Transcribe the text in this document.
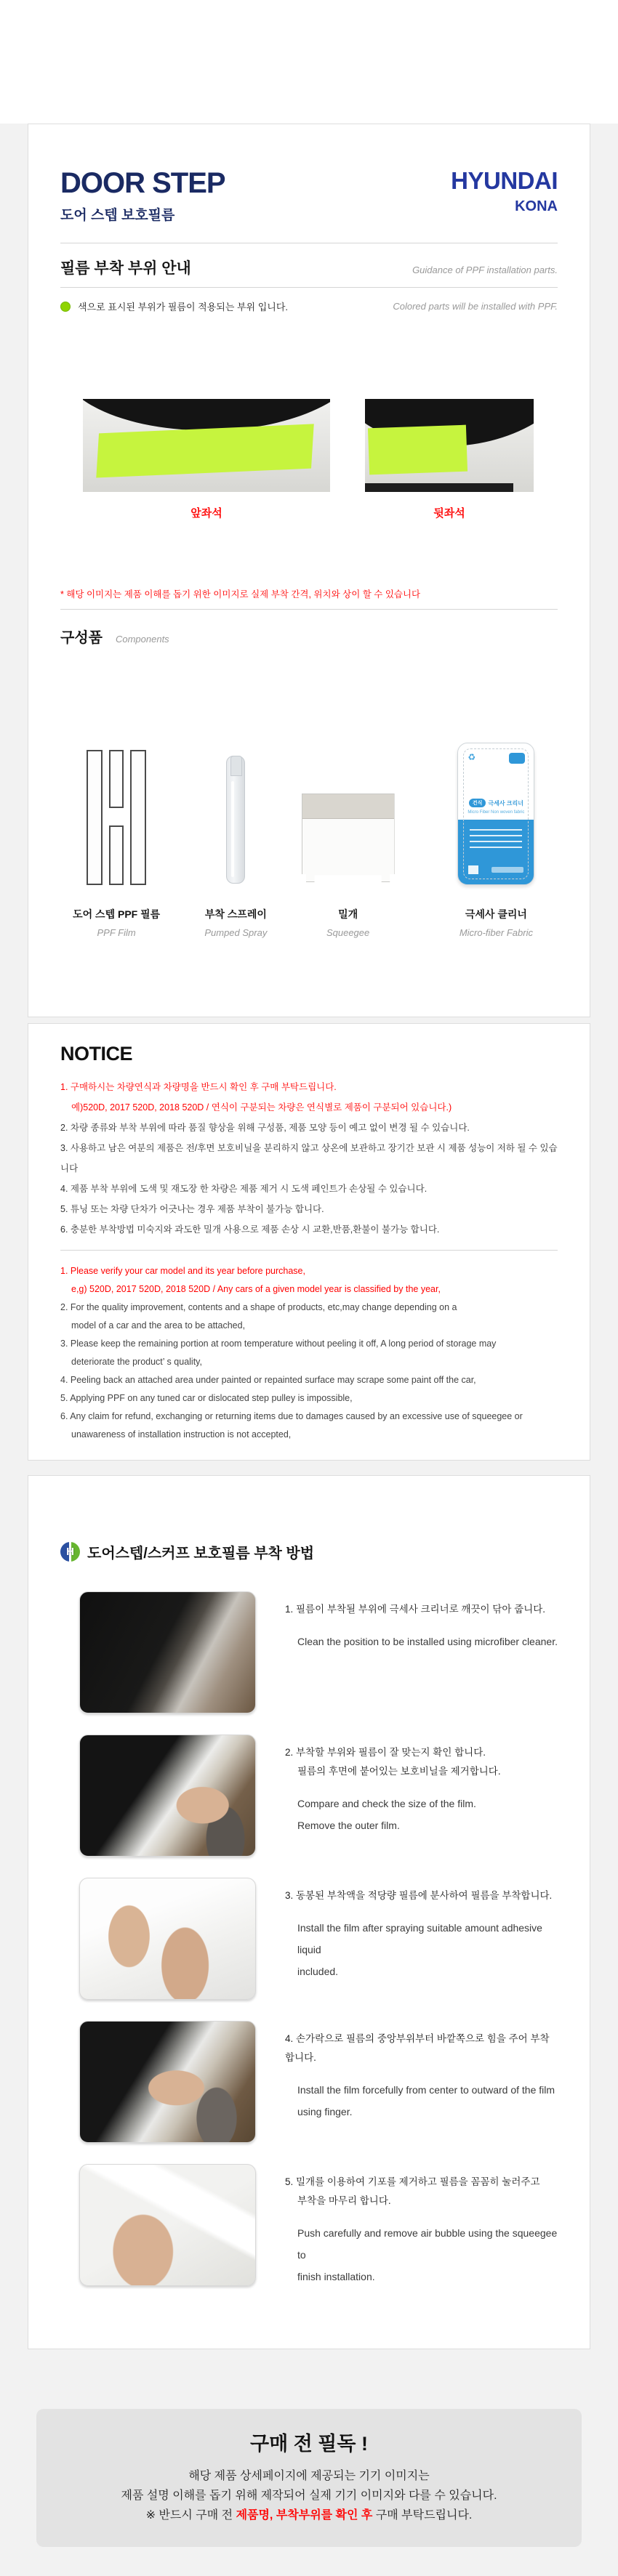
DOOR STEP
도어 스텝 보호필름
HYUNDAI
KONA
필름 부착 부위 안내	Guidance of PPF installation parts.
색으로 표시된 부위가 필름이 적용되는 부위 입니다.	Colored parts will be installed with PPF.
앞좌석	뒷좌석
* 해당 이미지는 제품 이해를 돕기 위한 이미지로 실제 부착 간격, 위치와 상이 할 수 있습니다
구성품 Components
도어 스텝 PPF 필름
PPF Film
부착 스프레이
Pumped Spray
밀개
Squeegee
♻
건식	극세사 크리너
Micro Fiber Non woven fabric
극세사 클리너
Micro-fiber Fabric
NOTICE
1. 구매하시는 차량연식과 차량명을 반드시 확인 후 구매 부탁드립니다.
예)520D, 2017 520D, 2018 520D / 연식이 구분되는 차량은 연식별로 제품이 구분되어 있습니다.)
2. 차량 종류와 부착 부위에 따라 품질 향상을 위해 구성품, 제품 모양 등이 예고 없이 변경 될 수 있습니다.
3. 사용하고 남은 여분의 제품은 전/후면 보호비닐을 분리하지 않고 상온에 보관하고 장기간 보관 시 제품 성능이 저하 될 수 있습니다
4. 제품 부착 부위에 도색 및 재도장 한 차량은 제품 제거 시 도색 페인트가 손상될 수 있습니다.
5. 튜닝 또는 차량 단차가 어긋나는 경우 제품 부착이 불가능 합니다.
6. 충분한 부착방법 미숙지와 과도한 밀개 사용으로 제품 손상 시 교환,반품,환불이 불가능 합니다.
1. Please verify your car model and its year before purchase,
e,g) 520D, 2017 520D, 2018 520D / Any cars of a given model year is classified by the year,
2. For the quality improvement, contents and a shape of products, etc,may change depending on a
model of a car and the area to be attached,
3. Please keep the remaining portion at room temperature without peeling it off, A long period of storage may
deteriorate the product’ s quality,
4. Peeling back an attached area under painted or repainted surface may scrape some paint off the car,
5. Applying PPF on any tuned car or dislocated step pulley is impossible,
6. Any claim for refund, exchanging or returning items due to damages caused by an excessive use of squeegee or
unawareness of installation instruction is not accepted,
H 도어스텝/스커프 보호필름 부착 방법
1. 필름이 부착될 부위에 극세사 크리너로 깨끗이 닦아 줍니다.
Clean the position to be installed using microfiber cleaner.
2. 부착할 부위와 필름이 잘 맞는지 확인 합니다.
필름의 후면에 붙어있는 보호비닐을 제거합니다.
Compare and check the size of the film.
Remove the outer film.
3. 동봉된 부착액을 적당량 필름에 분사하여 필름을 부착합니다.
Install the film after spraying suitable amount adhesive liquid
included.
4. 손가락으로 필름의 중앙부위부터 바깥쪽으로 힘을 주어 부착 합니다.
Install the film forcefully from center to outward of the film
using finger.
5. 밀개를 이용하여 기포를 제거하고 필름을 꼼꼼히 눌러주고
부착을 마무리 합니다.
Push carefully and remove air bubble using the squeegee to
finish installation.
구매 전 필독 !
해당 제품 상세페이지에 제공되는 기기 이미지는
제품 설명 이해를 돕기 위해 제작되어 실제 기기 이미지와 다를 수 있습니다.
※ 반드시 구매 전 제품명, 부착부위를 확인 후 구매 부탁드립니다.
